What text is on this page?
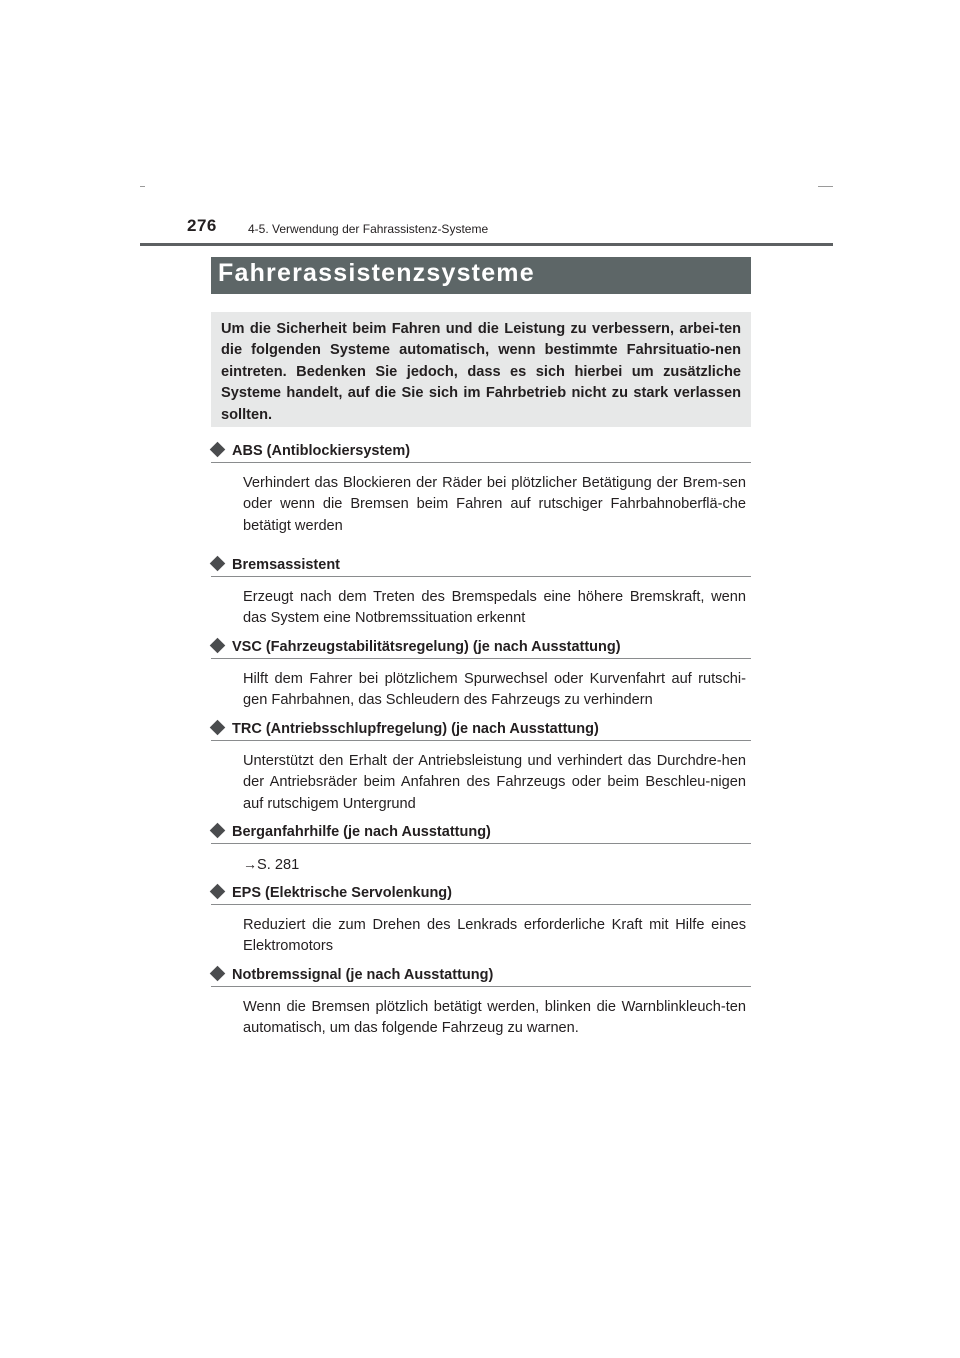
276	4-5. Verwendung der Fahrassistenz-Systeme
Fahrerassistenzsysteme

Um die Sicherheit beim Fahren und die Leistung zu verbessern, arbei-ten die folgenden Systeme automatisch, wenn bestimmte Fahrsituatio-nen eintreten. Bedenken Sie jedoch, dass es sich hierbei um zusätzliche Systeme handelt, auf die Sie sich im Fahrbetrieb nicht zu stark verlassen sollten.

ABS (Antiblockiersystem)

Verhindert das Blockieren der Räder bei plötzlicher Betätigung der Brem-sen oder wenn die Bremsen beim Fahren auf rutschiger Fahrbahnoberflä-che betätigt werden

Bremsassistent

Erzeugt nach dem Treten des Bremspedals eine höhere Bremskraft, wenn das System eine Notbremssituation erkennt

VSC (Fahrzeugstabilitätsregelung) (je nach Ausstattung)

Hilft dem Fahrer bei plötzlichem Spurwechsel oder Kurvenfahrt auf rutschi-gen Fahrbahnen, das Schleudern des Fahrzeugs zu verhindern

TRC (Antriebsschlupfregelung) (je nach Ausstattung)

Unterstützt den Erhalt der Antriebsleistung und verhindert das Durchdre-hen der Antriebsräder beim Anfahren des Fahrzeugs oder beim Beschleu-nigen auf rutschigem Untergrund

Berganfahrhilfe (je nach Ausstattung)

→S. 281

EPS (Elektrische Servolenkung)

Reduziert die zum Drehen des Lenkrads erforderliche Kraft mit Hilfe eines Elektromotors

Notbremssignal (je nach Ausstattung)

Wenn die Bremsen plötzlich betätigt werden, blinken die Warnblinkleuch-ten automatisch, um das folgende Fahrzeug zu warnen.
